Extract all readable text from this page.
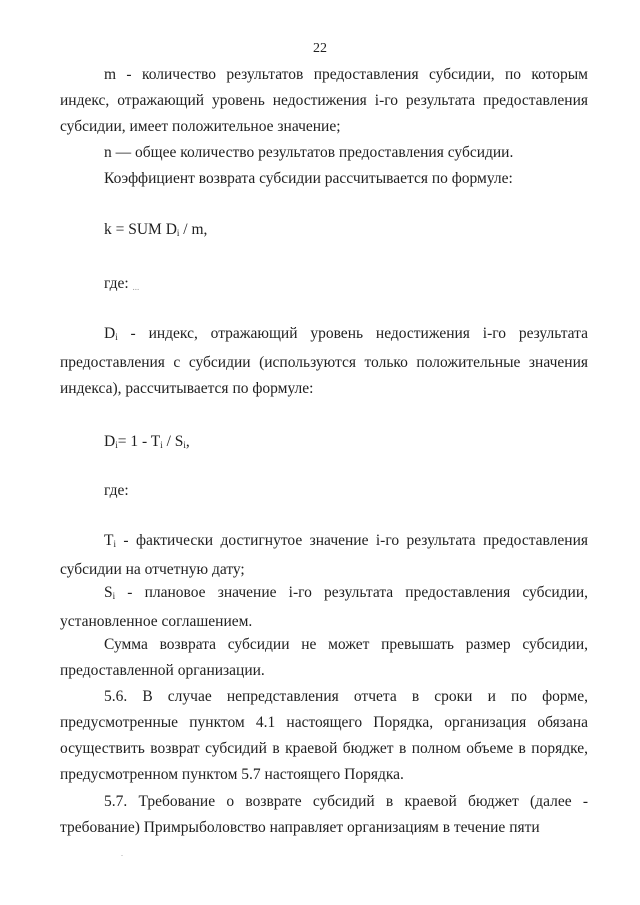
22
m - количество результатов предоставления субсидии, по которым индекс, отражающий уровень недостижения i-го результата предоставления субсидии, имеет положительное значение;
n — общее количество результатов предоставления субсидии.
Коэффициент возврата субсидии рассчитывается по формуле:
k = SUM $D_i$ / m,
где: ...
$D_i$ - индекс, отражающий уровень недостижения i-го результата предоставления с субсидии (используются только положительные значения индекса), рассчитывается по формуле:
$D_i= 1 - T_i / S_i$,
где:
$T_i$ - фактически достигнутое значение i-го результата предоставления субсидии на отчетную дату;
$S_i$ - плановое значение i-го результата предоставления субсидии, установленное соглашением.
Сумма возврата субсидии не может превышать размер субсидии, предоставленной организации.
5.6. В случае непредставления отчета в сроки и по форме, предусмотренные пунктом 4.1 настоящего Порядка, организация обязана осуществить возврат субсидий в краевой бюджет в полном объеме в порядке, предусмотренном пунктом 5.7 настоящего Порядка.
5.7. Требование о возврате субсидий в краевой бюджет (далее - требование) Примрыболовство направляет организациям в течение пяти
.
